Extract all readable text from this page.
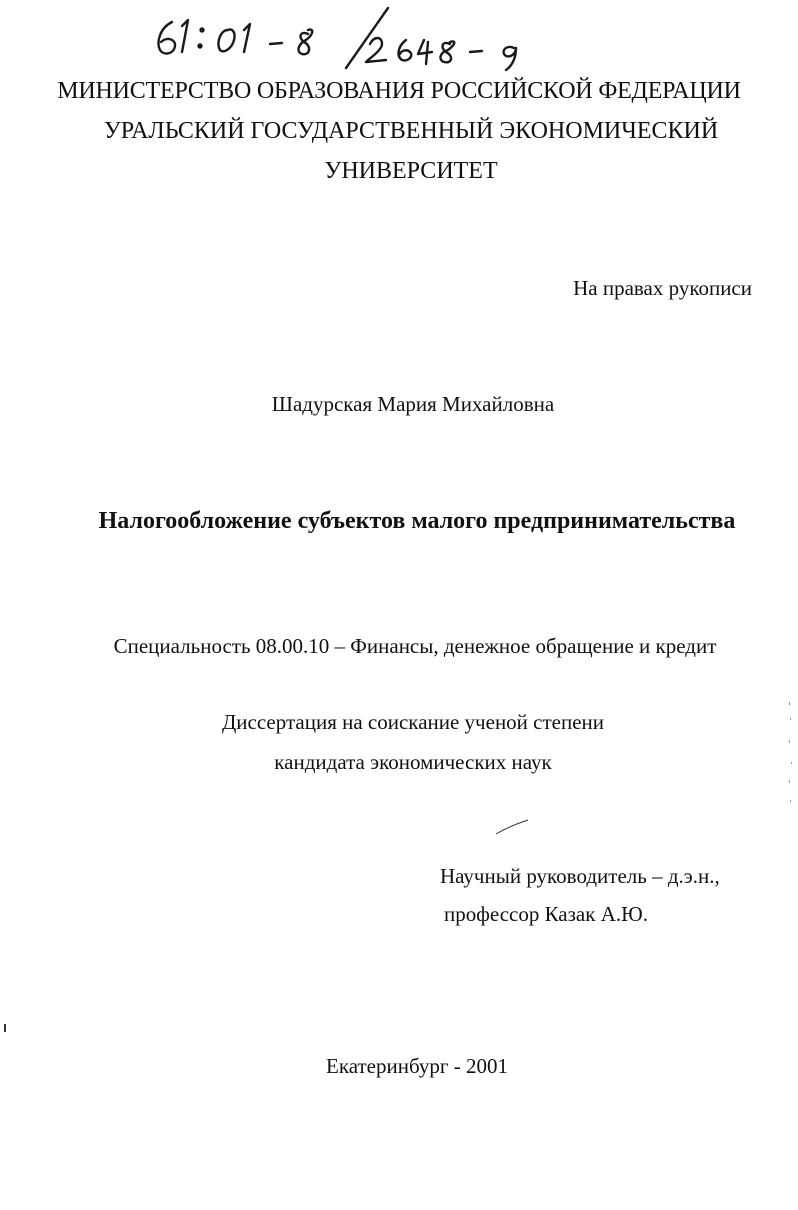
МИНИСТЕРСТВО ОБРАЗОВАНИЯ РОССИЙСКОЙ ФЕДЕРАЦИИ
УРАЛЬСКИЙ ГОСУДАРСТВЕННЫЙ ЭКОНОМИЧЕСКИЙ
УНИВЕРСИТЕТ
На правах рукописи
Шадурская Мария Михайловна
Налогообложение субъектов малого предпринимательства
Специальность 08.00.10 – Финансы, денежное обращение и кредит
Диссертация на соискание ученой степени
кандидата экономических наук
Научный руководитель – д.э.н.,
профессор Казак А.Ю.
Екатеринбург - 2001
